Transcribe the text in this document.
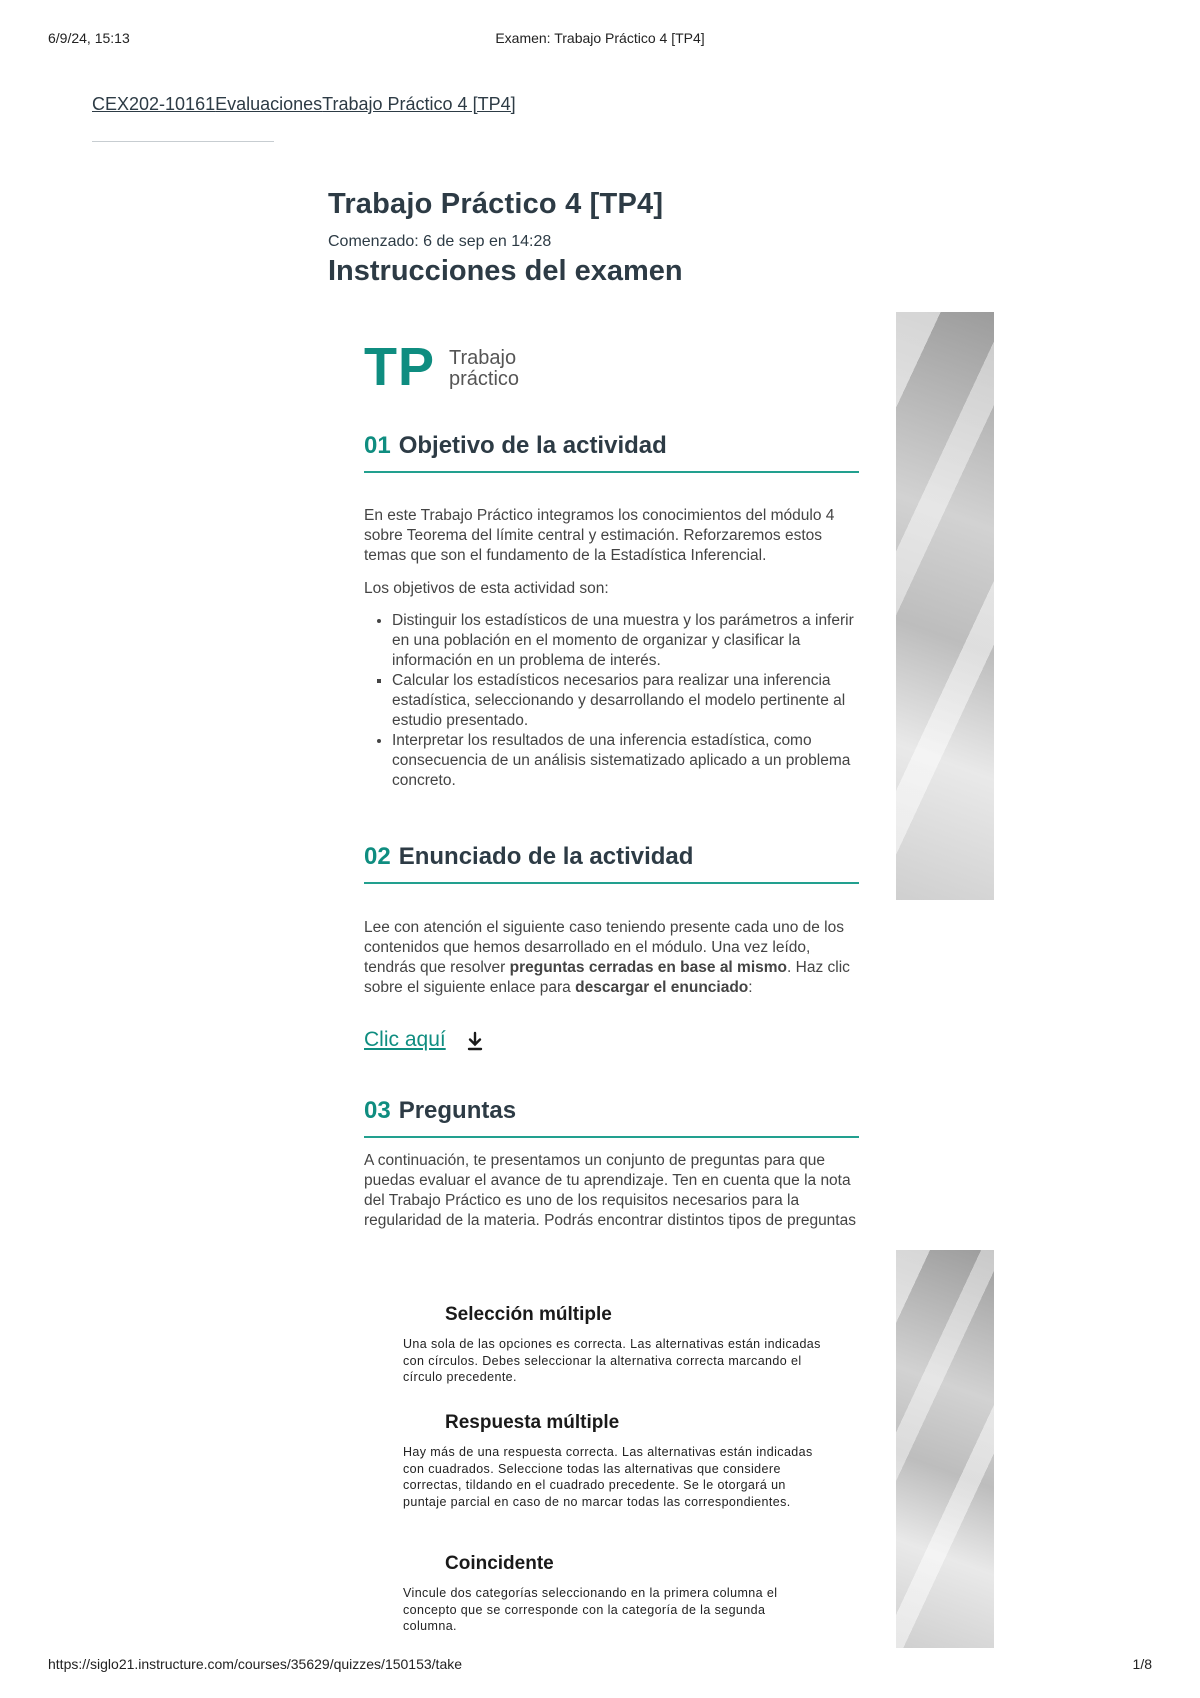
6/9/24, 15:13	Examen: Trabajo Práctico 4 [TP4]
CEX202-10161EvaluacionesTrabajo Práctico 4 [TP4]
Trabajo Práctico 4 [TP4]
Comenzado: 6 de sep en 14:28
Instrucciones del examen
TP Trabajo
práctico
01 Objetivo de la actividad

En este Trabajo Práctico integramos los conocimientos del módulo 4 sobre Teorema del límite central y estimación. Reforzaremos estos temas que son el fundamento de la Estadística Inferencial.

Los objetivos de esta actividad son:

• Distinguir los estadísticos de una muestra y los parámetros a inferir en una población en el momento de organizar y clasificar la información en un problema de interés.
▪ Calcular los estadísticos necesarios para realizar una inferencia estadística, seleccionando y desarrollando el modelo pertinente al estudio presentado.
• Interpretar los resultados de una inferencia estadística, como consecuencia de un análisis sistematizado aplicado a un problema concreto.
02 Enunciado de la actividad

Lee con atención el siguiente caso teniendo presente cada uno de los contenidos que hemos desarrollado en el módulo. Una vez leído, tendrás que resolver preguntas cerradas en base al mismo. Haz clic sobre el siguiente enlace para descargar el enunciado:

Clic aquí
03 Preguntas

A continuación, te presentamos un conjunto de preguntas para que puedas evaluar el avance de tu aprendizaje. Ten en cuenta que la nota del Trabajo Práctico es uno de los requisitos necesarios para la regularidad de la materia. Podrás encontrar distintos tipos de preguntas

Selección múltiple
Una sola de las opciones es correcta. Las alternativas están indicadas con círculos. Debes seleccionar la alternativa correcta marcando el círculo precedente.
Respuesta múltiple
Hay más de una respuesta correcta. Las alternativas están indicadas con cuadrados. Seleccione todas las alternativas que considere correctas, tildando en el cuadrado precedente. Se le otorgará un puntaje parcial en caso de no marcar todas las correspondientes.
Coincidente
Vincule dos categorías seleccionando en la primera columna el concepto que se corresponde con la categoría de la segunda columna.
https://siglo21.instructure.com/courses/35629/quizzes/150153/take	1/8
